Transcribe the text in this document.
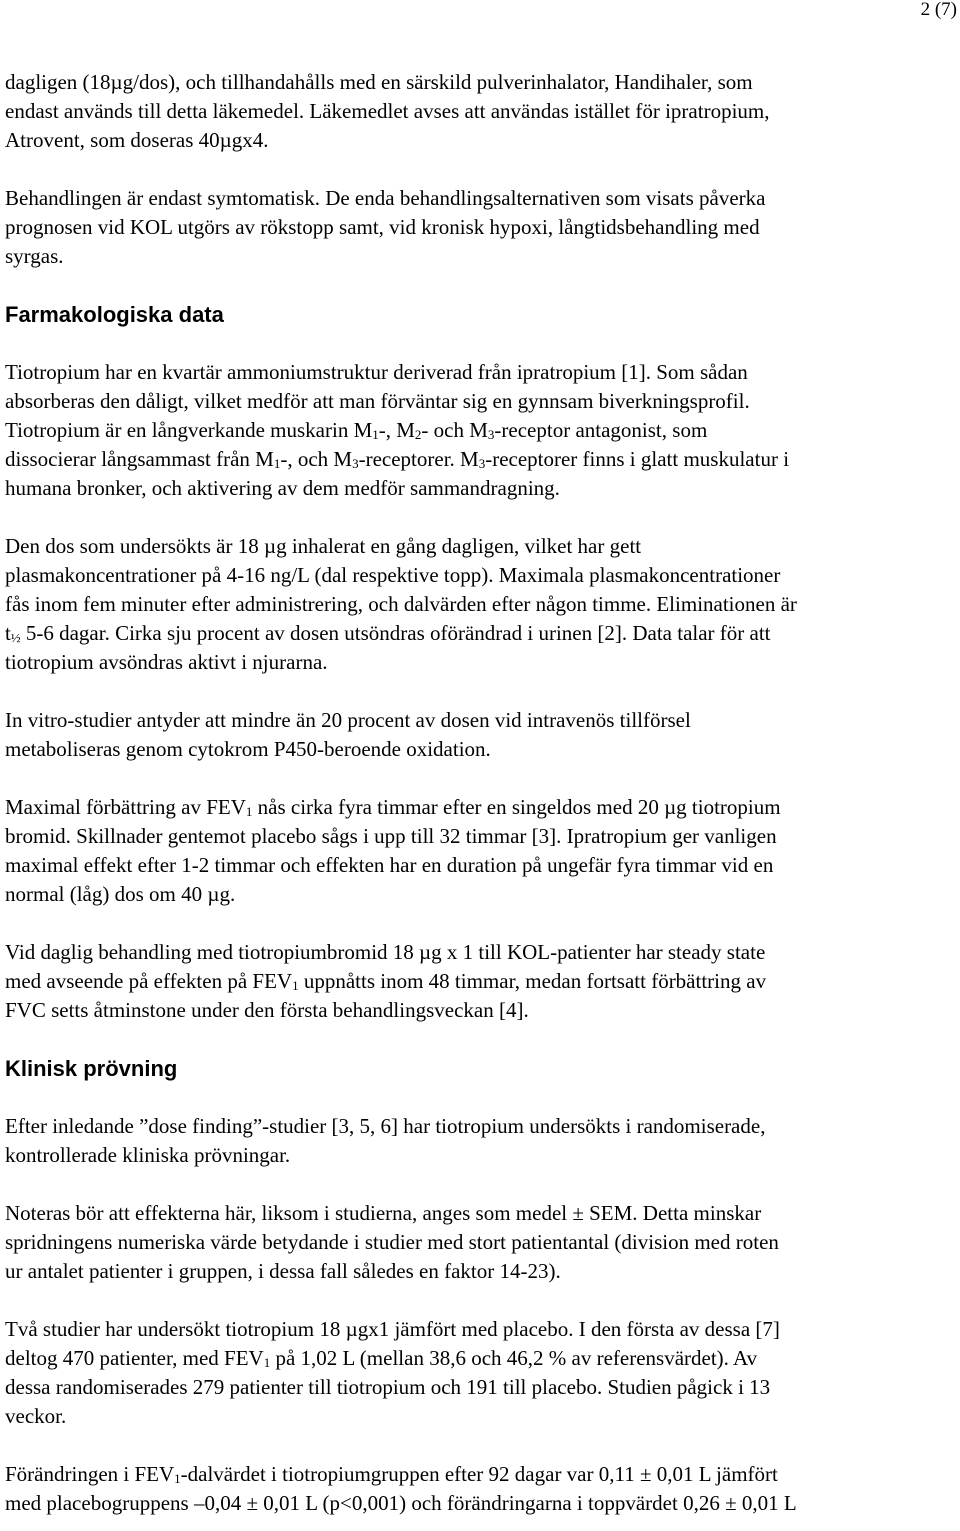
2 (7)

dagligen (18µg/dos), och tillhandahålls med en särskild pulverinhalator, Handihaler, som
endast används till detta läkemedel. Läkemedlet avses att användas istället för ipratropium,
Atrovent, som doseras 40µgx4.

Behandlingen är endast symtomatisk. De enda behandlingsalternativen som visats påverka
prognosen vid KOL utgörs av rökstopp samt, vid kronisk hypoxi, långtidsbehandling med
syrgas.

Farmakologiska data

Tiotropium har en kvartär ammoniumstruktur deriverad från ipratropium [1]. Som sådan
absorberas den dåligt, vilket medför att man förväntar sig en gynnsam biverkningsprofil.
Tiotropium är en långverkande muskarin $M_1-$, $M_2-$ och $M_3$-receptor antagonist, som
dissocierar långsammast från $M_1-$, och $M_3$-receptorer. $M_3$-receptorer finns i glatt muskulatur i
humana bronker, och aktivering av dem medför sammandragning.

Den dos som undersökts är 18 µg inhalerat en gång dagligen, vilket har gett
plasmakoncentrationer på 4-16 ng/L (dal respektive topp). Maximala plasmakoncentrationer
fås inom fem minuter efter administrering, och dalvärden efter någon timme. Eliminationen är
$t_{\frac{1}{2}}$ 5-6 dagar. Cirka sju procent av dosen utsöndras oförändrad i urinen [2]. Data talar för att
tiotropium avsöndras aktivt i njurarna.

In vitro-studier antyder att mindre än 20 procent av dosen vid intravenös tillförsel
metaboliseras genom cytokrom P450-beroende oxidation.

Maximal förbättring av $FEV_1$ nås cirka fyra timmar efter en singeldos med 20 µg tiotropium
bromid. Skillnader gentemot placebo sågs i upp till 32 timmar [3]. Ipratropium ger vanligen
maximal effekt efter 1-2 timmar och effekten har en duration på ungefär fyra timmar vid en
normal (låg) dos om 40 µg.

Vid daglig behandling med tiotropiumbromid 18 µg x 1 till KOL-patienter har steady state
med avseende på effekten på $FEV_1$ uppnåtts inom 48 timmar, medan fortsatt förbättring av
FVC setts åtminstone under den första behandlingsveckan [4].

Klinisk prövning

Efter inledande ”dose finding”-studier [3, 5, 6] har tiotropium undersökts i randomiserade,
kontrollerade kliniska prövningar.

Noteras bör att effekterna här, liksom i studierna, anges som medel ± SEM. Detta minskar
spridningens numeriska värde betydande i studier med stort patientantal (division med roten
ur antalet patienter i gruppen, i dessa fall således en faktor 14-23).

Två studier har undersökt tiotropium 18 µgx1 jämfört med placebo. I den första av dessa [7]
deltog 470 patienter, med $FEV_1$ på 1,02 L (mellan 38,6 och 46,2 % av referensvärdet). Av
dessa randomiserades 279 patienter till tiotropium och 191 till placebo. Studien pågick i 13
veckor.

Förändringen i $FEV_1$-dalvärdet i tiotropiumgruppen efter 92 dagar var 0,11 ± 0,01 L jämfört
med placebogruppens –0,04 ± 0,01 L (p<0,001) och förändringarna i toppvärdet 0,26 ± 0,01 L
